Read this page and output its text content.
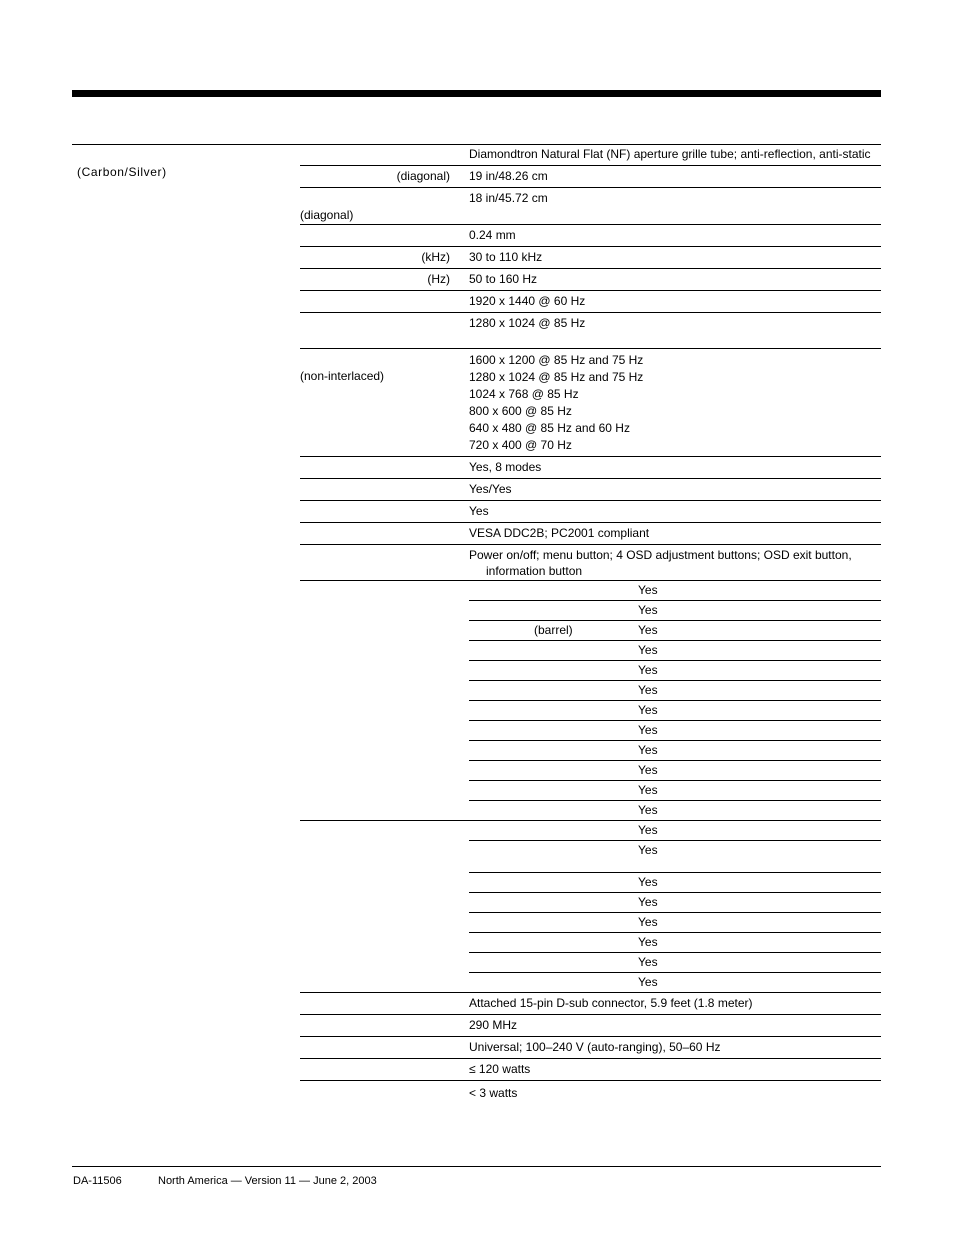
(Carbon/Silver)
Diamondtron Natural Flat (NF) aperture grille tube; anti-reflection, anti-static
(diagonal) 19 in/48.26 cm
(diagonal)
18 in/45.72 cm
0.24 mm
(kHz) 30 to 110 kHz
(Hz) 50 to 160 Hz
1920 x 1440 @ 60 Hz
1280 x 1024 @ 85 Hz
(non-interlaced)
1600 x 1200 @ 85 Hz and 75 Hz
1280 x 1024 @ 85 Hz and 75 Hz
1024 x 768 @ 85 Hz
800 x 600 @ 85 Hz
640 x 480 @ 85 Hz and 60 Hz
720 x 400 @ 70 Hz
Yes, 8 modes
Yes/Yes
Yes
VESA DDC2B; PC2001 compliant
Power on/off; menu button; 4 OSD adjustment buttons; OSD exit button,
information button
Yes
Yes
(barrel)	Yes
Yes
Yes
Yes
Yes
Yes
Yes
Yes
Yes
Yes
Yes
Yes
Yes
Yes
Yes
Yes
Yes
Yes
Attached 15-pin D-sub connector, 5.9 feet (1.8 meter)
290 MHz
Universal; 100–240 V (auto-ranging), 50–60 Hz
≤ 120 watts
< 3 watts
DA-11506	North America — Version 11 — June 2, 2003
